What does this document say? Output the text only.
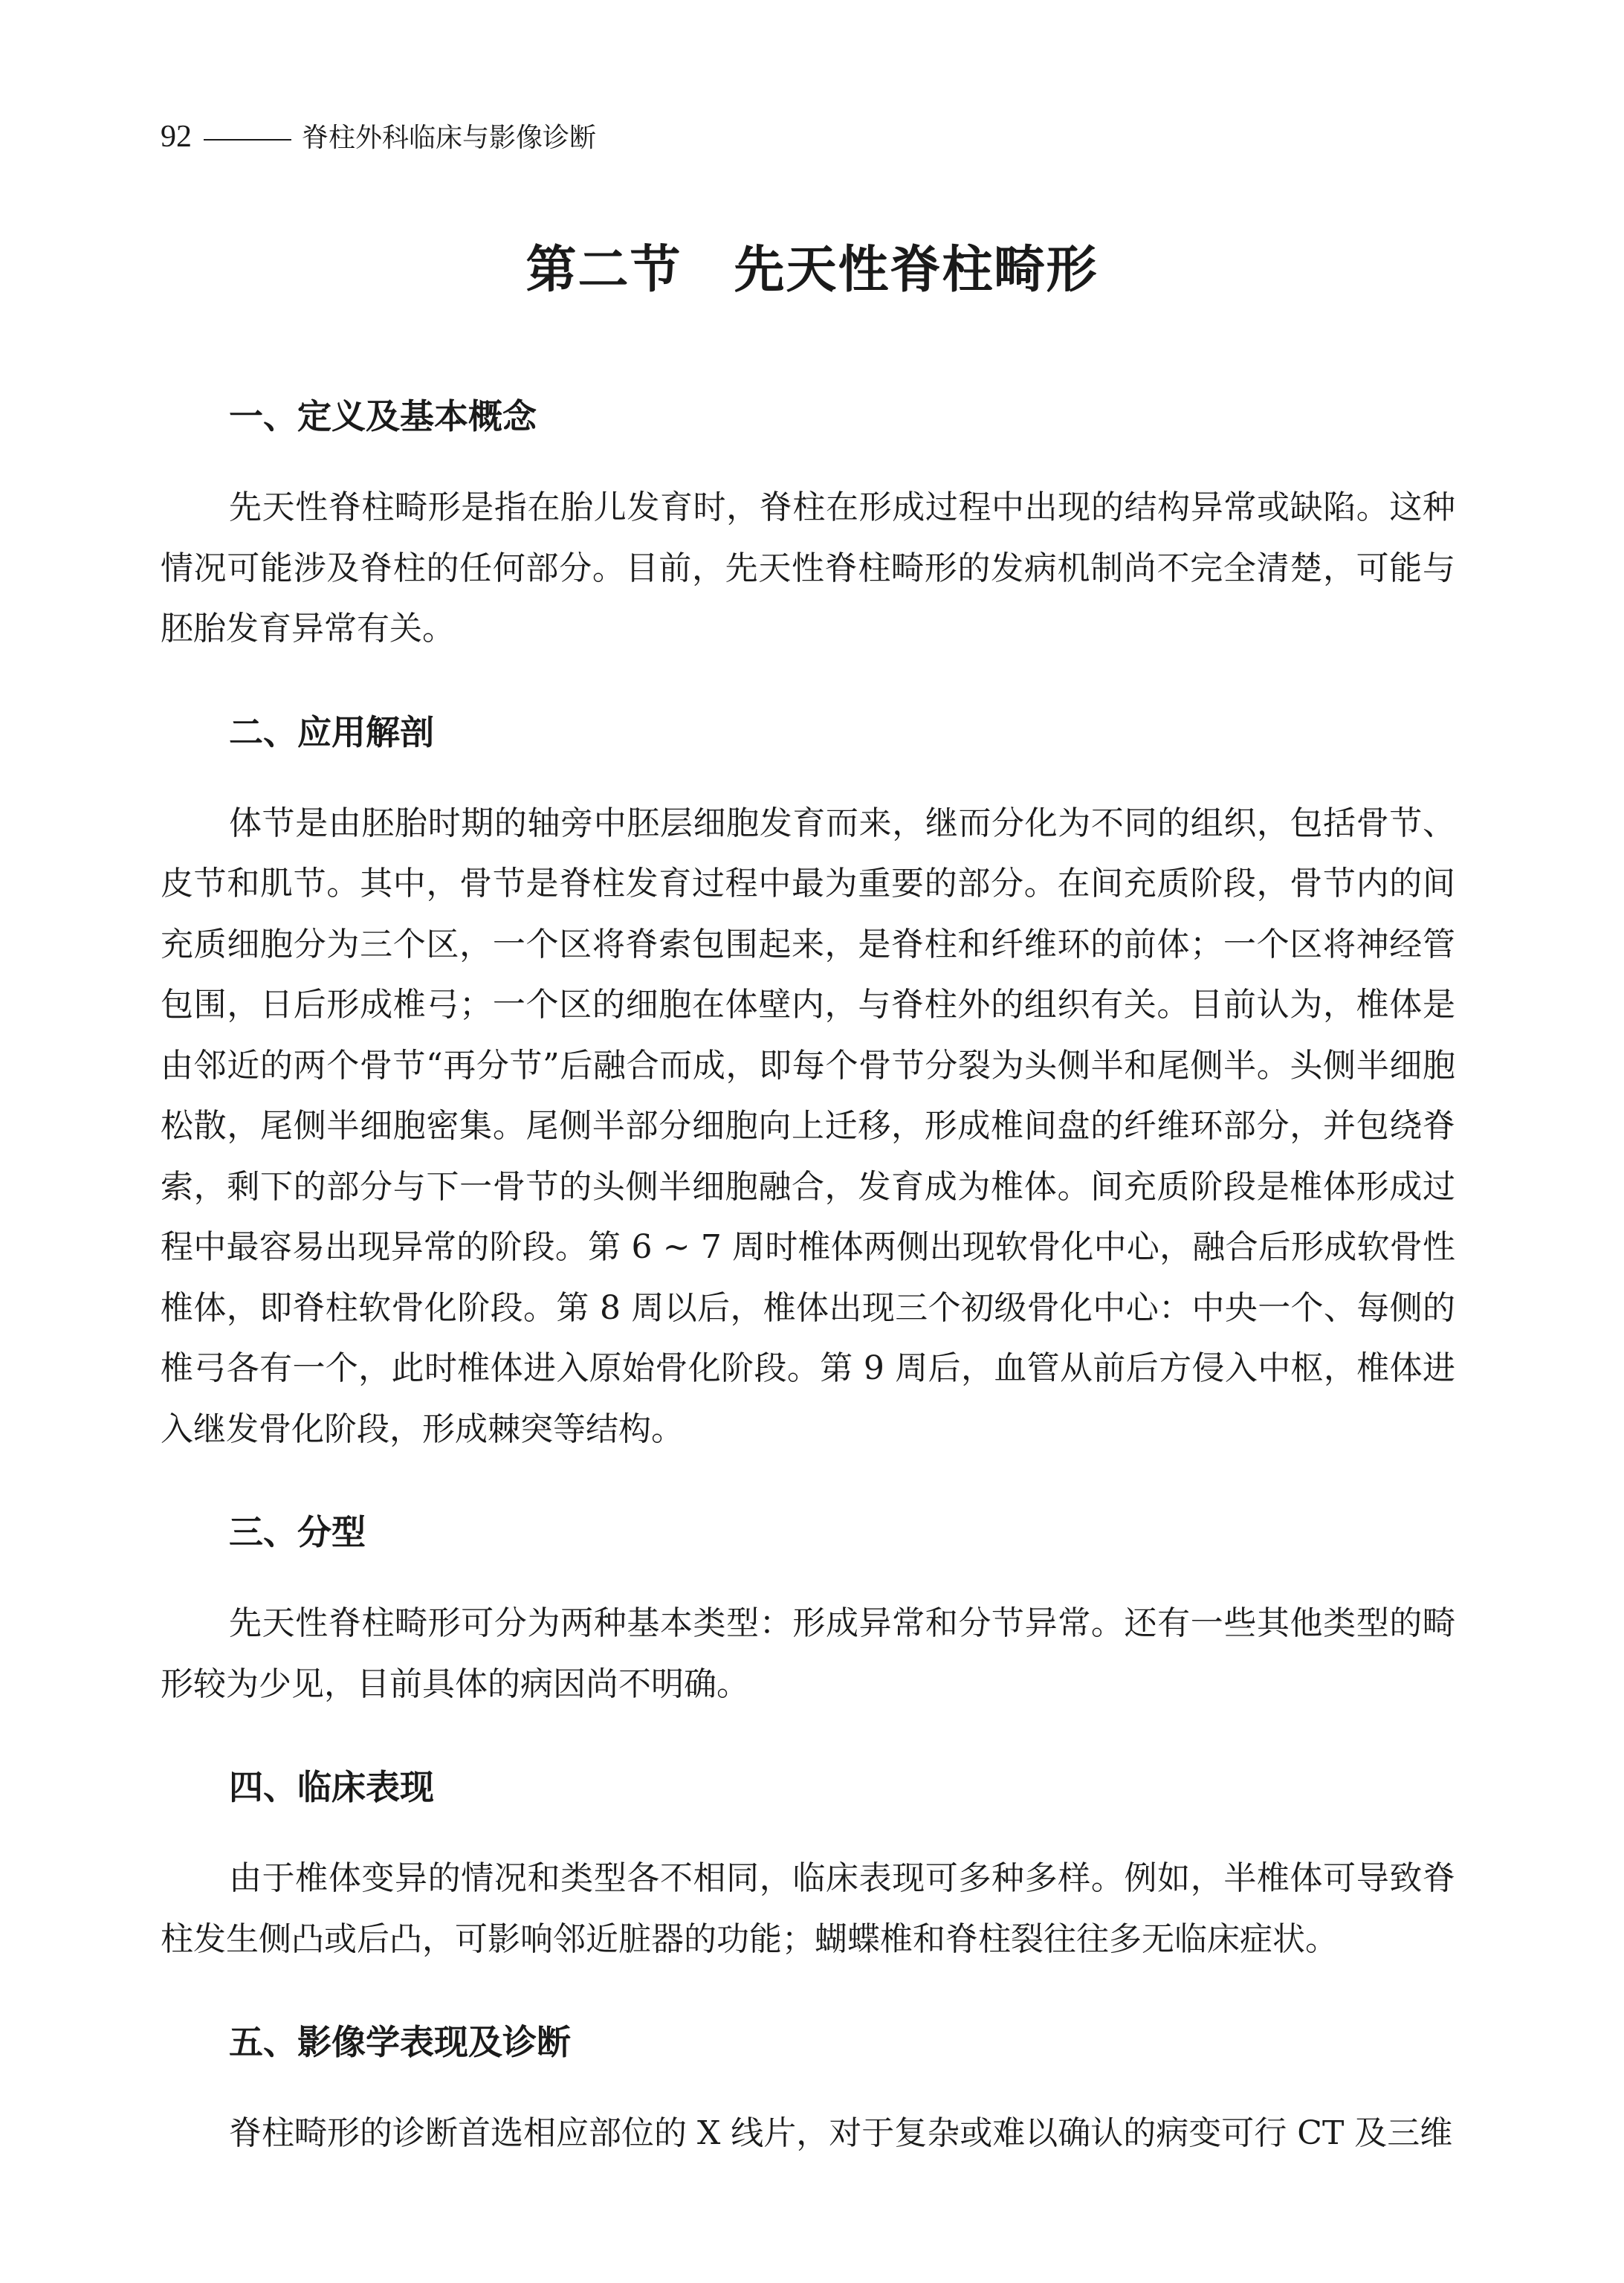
92	脊柱外科临床与影像诊断
第二节　先天性脊柱畸形
一、定义及基本概念

先天性脊柱畸形是指在胎儿发育时，脊柱在形成过程中出现的结构异常或缺陷。这种情况可能涉及脊柱的任何部分。目前，先天性脊柱畸形的发病机制尚不完全清楚，可能与胚胎发育异常有关。

二、应用解剖

体节是由胚胎时期的轴旁中胚层细胞发育而来，继而分化为不同的组织，包括骨节、皮节和肌节。其中，骨节是脊柱发育过程中最为重要的部分。在间充质阶段，骨节内的间充质细胞分为三个区，一个区将脊索包围起来，是脊柱和纤维环的前体；一个区将神经管包围，日后形成椎弓；一个区的细胞在体壁内，与脊柱外的组织有关。目前认为，椎体是由邻近的两个骨节“再分节”后融合而成，即每个骨节分裂为头侧半和尾侧半。头侧半细胞松散，尾侧半细胞密集。尾侧半部分细胞向上迁移，形成椎间盘的纤维环部分，并包绕脊索，剩下的部分与下一骨节的头侧半细胞融合，发育成为椎体。间充质阶段是椎体形成过程中最容易出现异常的阶段。第 6 ~ 7 周时椎体两侧出现软骨化中心，融合后形成软骨性椎体，即脊柱软骨化阶段。第 8 周以后，椎体出现三个初级骨化中心：中央一个、每侧的椎弓各有一个，此时椎体进入原始骨化阶段。第 9 周后，血管从前后方侵入中枢，椎体进入继发骨化阶段，形成棘突等结构。

三、分型

先天性脊柱畸形可分为两种基本类型：形成异常和分节异常。还有一些其他类型的畸形较为少见，目前具体的病因尚不明确。

四、临床表现

由于椎体变异的情况和类型各不相同，临床表现可多种多样。例如，半椎体可导致脊柱发生侧凸或后凸，可影响邻近脏器的功能；蝴蝶椎和脊柱裂往往多无临床症状。

五、影像学表现及诊断

脊柱畸形的诊断首选相应部位的 X 线片，对于复杂或难以确认的病变可行 CT 及三维
